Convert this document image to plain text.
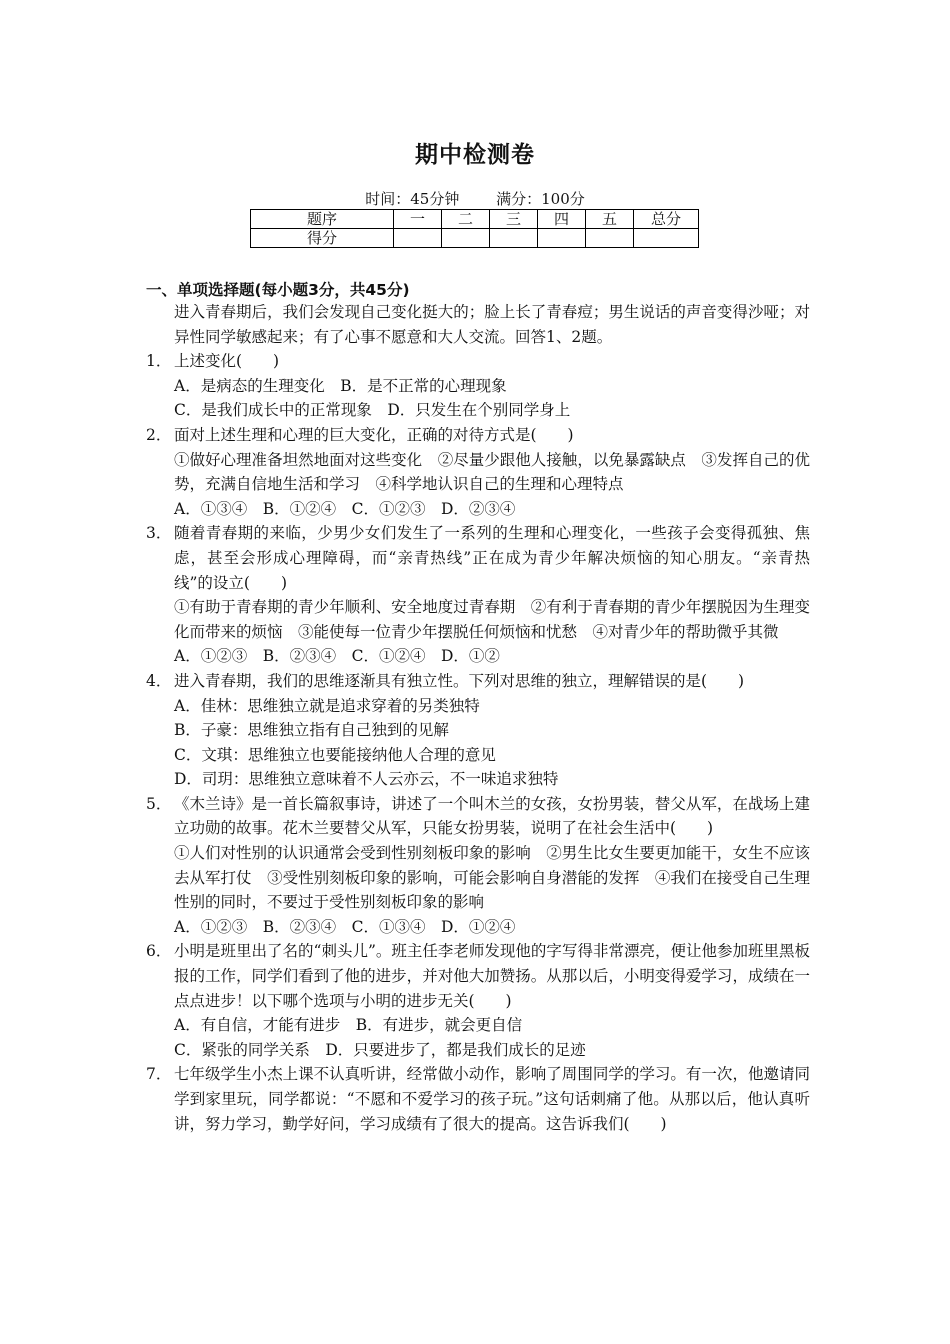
期中检测卷
时间：45分钟 满分：100分
题序	一	二	三	四	五	总分
得分						
一、单项选择题(每小题3分，共45分)
进入青春期后，我们会发现自己变化挺大的；脸上长了青春痘；男生说话的声音变得沙哑；对异性同学敏感起来；有了心事不愿意和大人交流。回答1、2题。
1． 上述变化(　　)
A．是病态的生理变化　B．是不正常的心理现象
C．是我们成长中的正常现象　D．只发生在个别同学身上
2． 面对上述生理和心理的巨大变化，正确的对待方式是(　　)
①做好心理准备坦然地面对这些变化　②尽量少跟他人接触，以免暴露缺点　③发挥自己的优势，充满自信地生活和学习　④科学地认识自己的生理和心理特点
A．①③④　B．①②④　C．①②③　D．②③④
3． 随着青春期的来临，少男少女们发生了一系列的生理和心理变化，一些孩子会变得孤独、焦虑，甚至会形成心理障碍，而“亲青热线”正在成为青少年解决烦恼的知心朋友。“亲青热线”的设立(　　)
①有助于青春期的青少年顺利、安全地度过青春期　②有利于青春期的青少年摆脱因为生理变化而带来的烦恼　③能使每一位青少年摆脱任何烦恼和忧愁　④对青少年的帮助微乎其微
A．①②③　B．②③④　C．①②④　D．①②
4． 进入青春期，我们的思维逐渐具有独立性。下列对思维的独立，理解错误的是(　　)
A．佳林：思维独立就是追求穿着的另类独特
B．子豪：思维独立指有自己独到的见解
C．文琪：思维独立也要能接纳他人合理的意见
D．司玥：思维独立意味着不人云亦云，不一味追求独特
5． 《木兰诗》是一首长篇叙事诗，讲述了一个叫木兰的女孩，女扮男装，替父从军，在战场上建立功勋的故事。花木兰要替父从军，只能女扮男装，说明了在社会生活中(　　)
①人们对性别的认识通常会受到性别刻板印象的影响　②男生比女生要更加能干，女生不应该去从军打仗　③受性别刻板印象的影响，可能会影响自身潜能的发挥　④我们在接受自己生理性别的同时，不要过于受性别刻板印象的影响
A．①②③　B．②③④　C．①③④　D．①②④
6． 小明是班里出了名的“刺头儿”。班主任李老师发现他的字写得非常漂亮，便让他参加班里黑板报的工作，同学们看到了他的进步，并对他大加赞扬。从那以后，小明变得爱学习，成绩在一点点进步！以下哪个选项与小明的进步无关(　　)
A．有自信，才能有进步　B．有进步，就会更自信
C．紧张的同学关系　D．只要进步了，都是我们成长的足迹
7． 七年级学生小杰上课不认真听讲，经常做小动作，影响了周围同学的学习。有一次，他邀请同学到家里玩，同学都说：“不愿和不爱学习的孩子玩。”这句话刺痛了他。从那以后，他认真听讲，努力学习，勤学好问，学习成绩有了很大的提高。这告诉我们(　　)
